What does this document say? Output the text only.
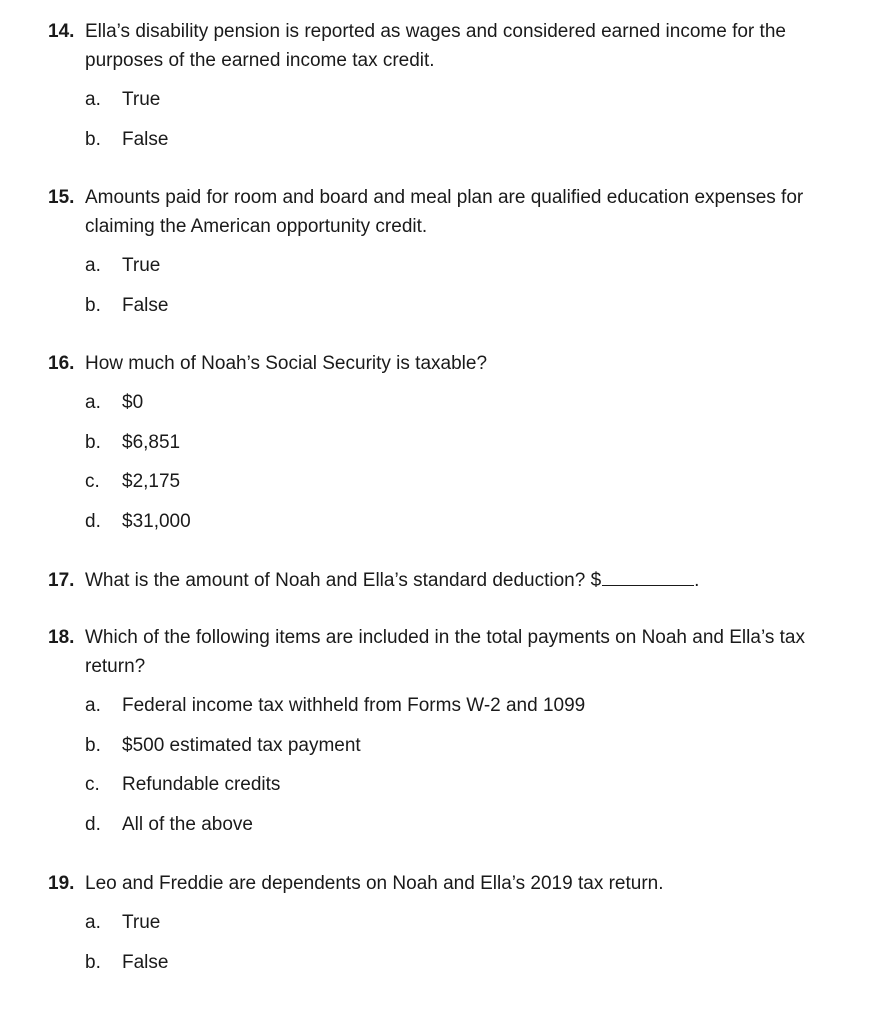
14. Ella’s disability pension is reported as wages and considered earned income for the purposes of the earned income tax credit.
a.	True
b.	False
15. Amounts paid for room and board and meal plan are qualified education expenses for claiming the American opportunity credit.
a.	True
b.	False
16. How much of Noah’s Social Security is taxable?
a.	$0
b.	$6,851
c.	$2,175
d.	$31,000
17. What is the amount of Noah and Ella’s standard deduction? $	.
18. Which of the following items are included in the total payments on Noah and Ella’s tax return?
a.	Federal income tax withheld from Forms W-2 and 1099
b.	$500 estimated tax payment
c.	Refundable credits
d.	All of the above
19. Leo and Freddie are dependents on Noah and Ella’s 2019 tax return.
a.	True
b.	False
